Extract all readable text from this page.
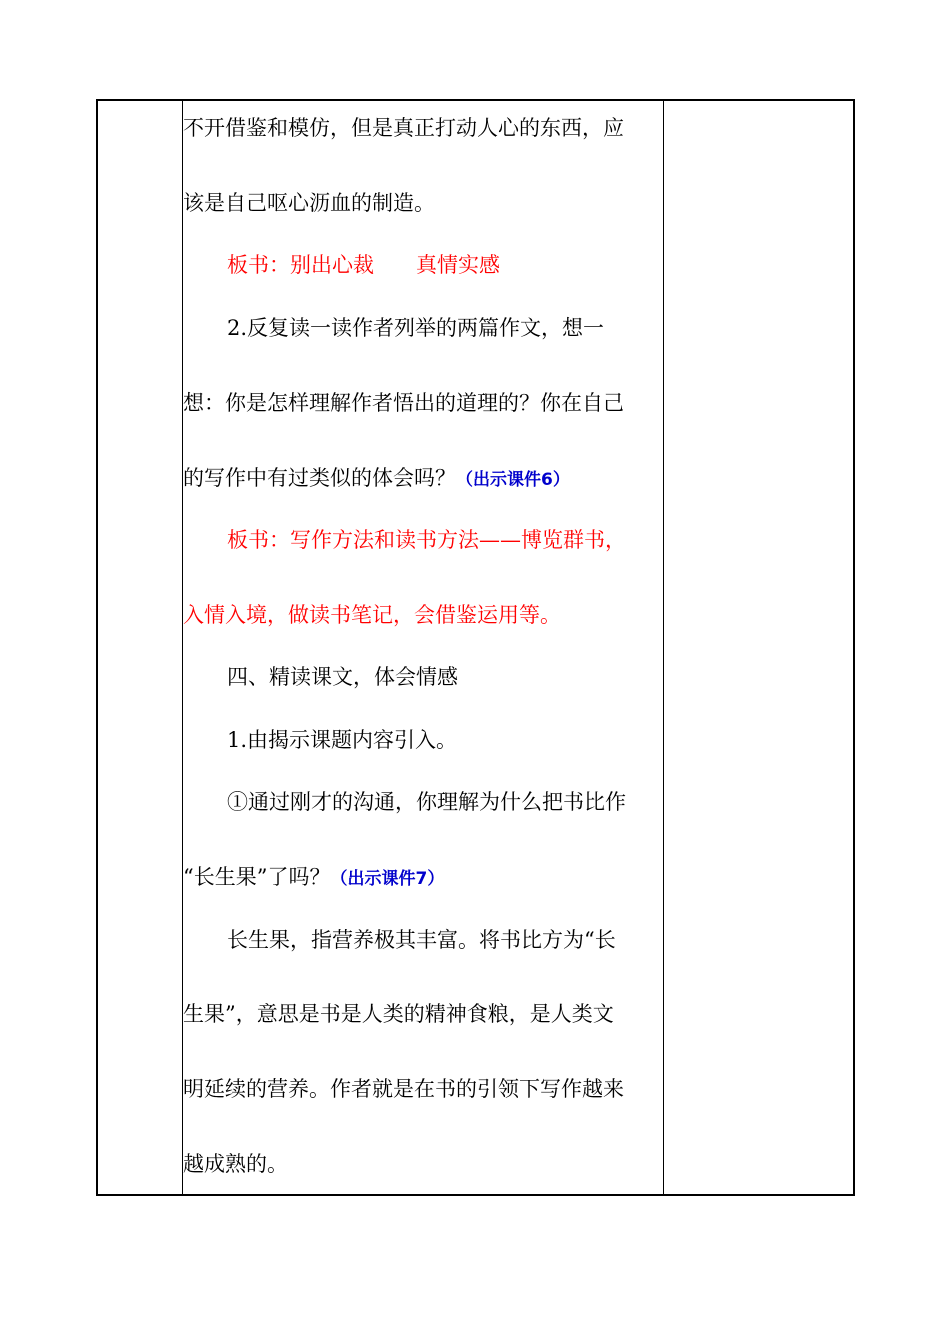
不开借鉴和模仿，但是真正打动人心的东西，应
该是自己呕心沥血的制造。
板书：别出心裁　　真情实感
2.反复读一读作者列举的两篇作文，想一
想：你是怎样理解作者悟出的道理的？你在自己
的写作中有过类似的体会吗？（出示课件6）
板书：写作方法和读书方法——博览群书，
入情入境，做读书笔记，会借鉴运用等。
四、精读课文，体会情感
1.由揭示课题内容引入。
①通过刚才的沟通，你理解为什么把书比作
“长生果”了吗？（出示课件7）
长生果，指营养极其丰富。将书比方为“长
生果”，意思是书是人类的精神食粮，是人类文
明延续的营养。作者就是在书的引领下写作越来
越成熟的。
